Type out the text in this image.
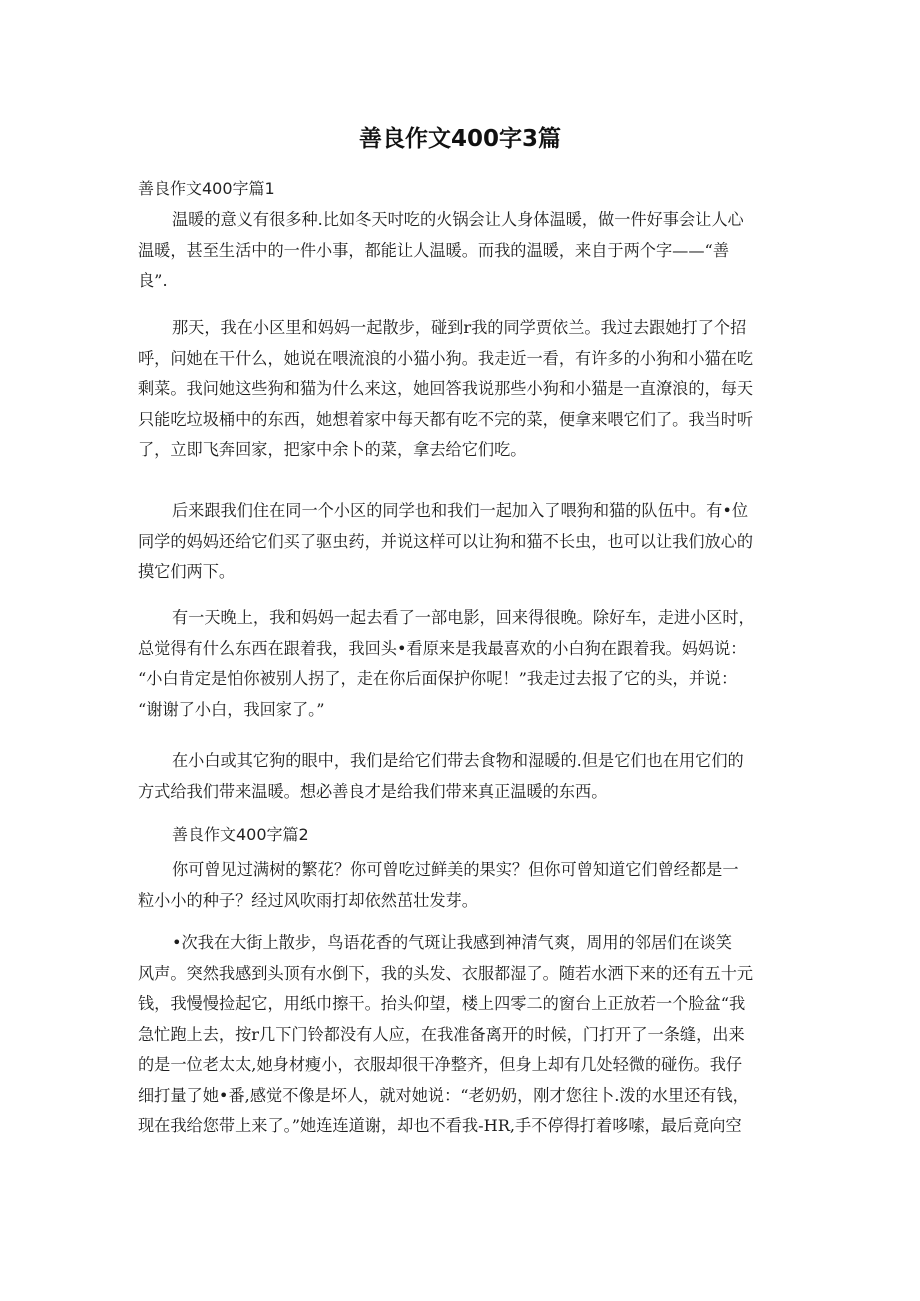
善良作文400字3篇
善良作文400字篇1
温暖的意义有很多种.比如冬天吋吃的火锅会让人身体温暖，做一件好事会让人心
温暖，甚至生活中的一件小事，都能让人温暖。而我的温暖，来自于两个字——“善
良”.
那天，我在小区里和妈妈一起散步，碰到r我的同学贾依兰。我过去跟她打了个招
呼，问她在干什么，她说在喂流浪的小猫小狗。我走近一看，有许多的小狗和小猫在吃
剩菜。我问她这些狗和猫为什么来这，她回答我说那些小狗和小猫是一直潦浪的，每天
只能吃垃圾桶中的东西，她想着家中每天都有吃不完的菜，便拿来喂它们了。我当时听
了，立即飞奔回家，把家中余卜的菜，拿去给它们吃。
后来跟我们住在同一个小区的同学也和我们一起加入了喂狗和猫的队伍中。有•位
同学的妈妈还给它们买了驱虫药，并说这样可以让狗和猫不长虫，也可以让我们放心的
摸它们两下。
有一天晚上，我和妈妈一起去看了一部电影，回来得很晚。除好车，走进小区时，
总觉得有什么东西在跟着我，我回头•看原来是我最喜欢的小白狗在跟着我。妈妈说：
“小白肯定是怕你被别人拐了，走在你后面保护你呢！”我走过去报了它的头，并说：
“谢谢了小白，我回家了。”
在小白或其它狗的眼中，我们是给它们带去食物和湿暖的.但是它们也在用它们的
方式给我们带来温暖。想必善良才是给我们带来真正温暖的东西。
善良作文400字篇2
你可曾见过满树的繁花？你可曾吃过鲜美的果实？但你可曾知道它们曾经都是一
粒小小的种子？经过风吹雨打却依然茁壮发芽。
•次我在大街上散步，鸟语花香的气斑让我感到神清气爽，周用的邻居们在谈笑
风声。突然我感到头顶有水倒下，我的头发、衣服都湿了。随若水洒下来的还有五十元
钱，我慢慢捡起它，用纸巾擦干。抬头仰望，楼上四零二的窗台上正放若一个脸盆“我
急忙跑上去，按r几下门铃都没有人应，在我准备离开的时候，门打开了一条缝，出来
的是一位老太太,她身材瘦小，衣服却很干净整齐，但身上却有几处轻微的碰伤。我仔
细打量了她•番,感觉不像是坏人，就对她说：“老奶奶，刚才您往卜.泼的水里还有钱，
现在我给您带上来了。”她连连道谢，却也不看我-HR,手不停得打着哆嗦，最后竟向空
